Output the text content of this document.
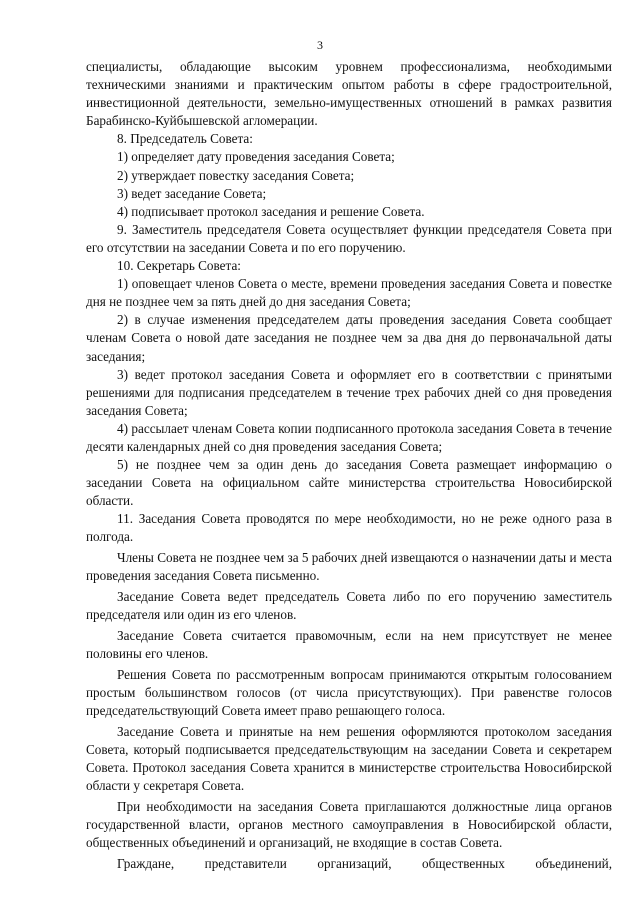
3

специалисты, обладающие высоким уровнем профессионализма, необходимыми техническими знаниями и практическим опытом работы в сфере градостроительной, инвестиционной деятельности, земельно-имущественных отношений в рамках развития Барабинско-Куйбышевской агломерации.

8. Председатель Совета:

1) определяет дату проведения заседания Совета;

2) утверждает повестку заседания Совета;

3) ведет заседание Совета;

4) подписывает протокол заседания и решение Совета.

9. Заместитель председателя Совета осуществляет функции председателя Совета при его отсутствии на заседании Совета и по его поручению.

10. Секретарь Совета:

1) оповещает членов Совета о месте, времени проведения заседания Совета и повестке дня не позднее чем за пять дней до дня заседания Совета;

2) в случае изменения председателем даты проведения заседания Совета сообщает членам Совета о новой дате заседания не позднее чем за два дня до первоначальной даты заседания;

3) ведет протокол заседания Совета и оформляет его в соответствии с принятыми решениями для подписания председателем в течение трех рабочих дней со дня проведения заседания Совета;

4) рассылает членам Совета копии подписанного протокола заседания Совета в течение десяти календарных дней со дня проведения заседания Совета;

5) не позднее чем за один день до заседания Совета размещает информацию о заседании Совета на официальном сайте министерства строительства Новосибирской области.

11. Заседания Совета проводятся по мере необходимости, но не реже одного раза в полгода.

Члены Совета не позднее чем за 5 рабочих дней извещаются о назначении даты и места проведения заседания Совета письменно.

Заседание Совета ведет председатель Совета либо по его поручению заместитель председателя или один из его членов.

Заседание Совета считается правомочным, если на нем присутствует не менее половины его членов.

Решения Совета по рассмотренным вопросам принимаются открытым голосованием простым большинством голосов (от числа присутствующих). При равенстве голосов председательствующий Совета имеет право решающего голоса.

Заседание Совета и принятые на нем решения оформляются протоколом заседания Совета, который подписывается председательствующим на заседании Совета и секретарем Совета. Протокол заседания Совета хранится в министерстве строительства Новосибирской области у секретаря Совета.

При необходимости на заседания Совета приглашаются должностные лица органов государственной власти, органов местного самоуправления в Новосибирской области, общественных объединений и организаций, не входящие в состав Совета.

Граждане, представители организаций, общественных объединений,
